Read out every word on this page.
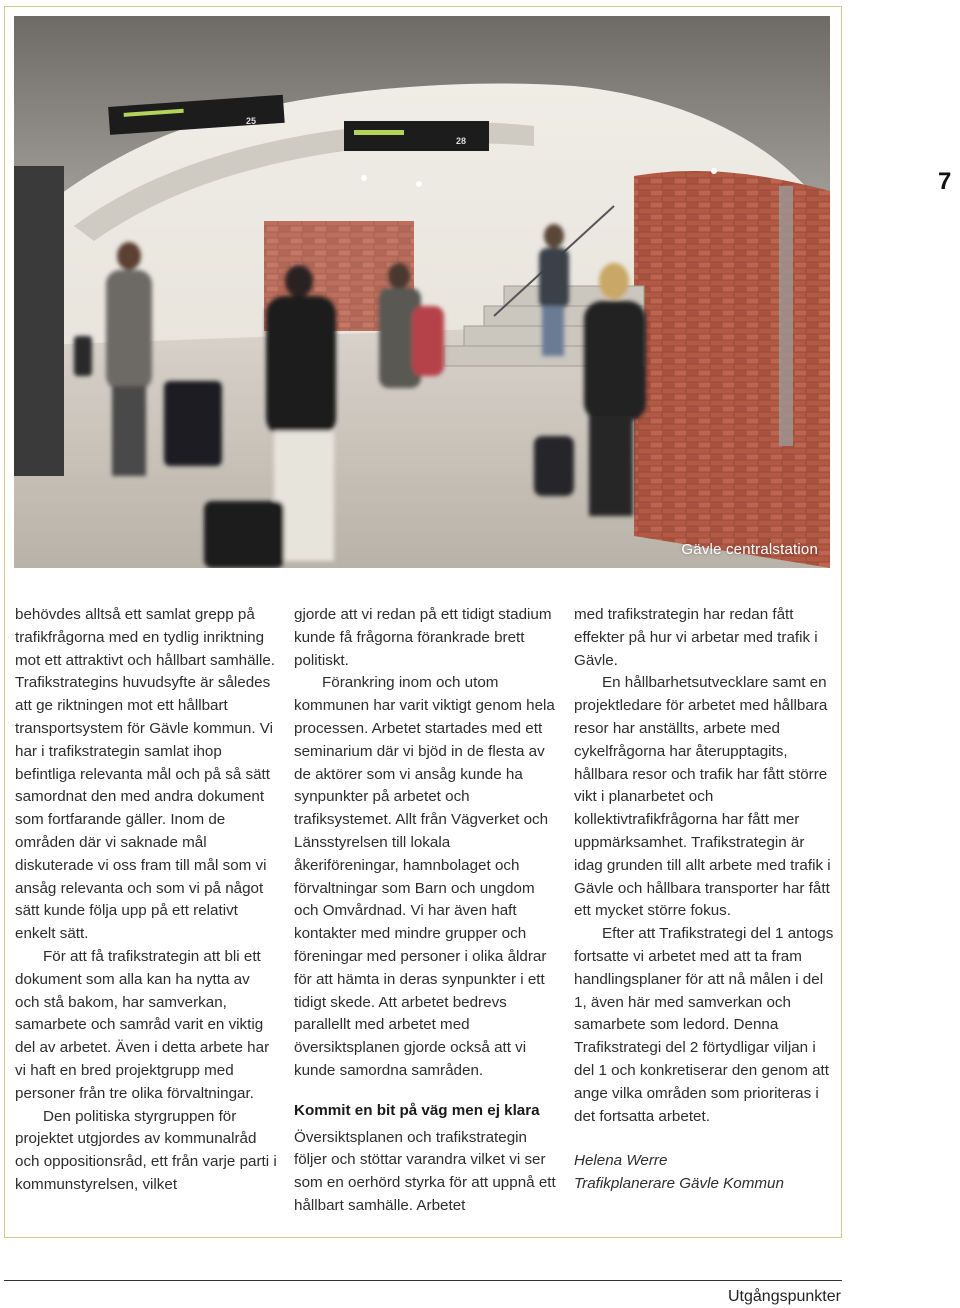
25
28
Gävle centralstation
7

behövdes alltså ett samlat grepp på trafikfrågorna med en tydlig inriktning mot ett attraktivt och hållbart samhälle. Trafikstrategins huvudsyfte är således att ge riktningen mot ett hållbart transportsystem för Gävle kommun. Vi har i trafikstrategin samlat ihop befintliga relevanta mål och på så sätt samordnat den med andra dokument som fortfarande gäller. Inom de områden där vi saknade mål diskuterade vi oss fram till mål som vi ansåg relevanta och som vi på något sätt kunde följa upp på ett relativt enkelt sätt.

För att få trafikstrategin att bli ett dokument som alla kan ha nytta av och stå bakom, har samverkan, samarbete och samråd varit en viktig del av arbetet. Även i detta arbete har vi haft en bred projektgrupp med personer från tre olika förvaltningar.

Den politiska styrgruppen för projektet utgjordes av kommunalråd och oppositionsråd, ett från varje parti i kommunstyrelsen, vilket

gjorde att vi redan på ett tidigt stadium kunde få frågorna förankrade brett politiskt.

Förankring inom och utom kommunen har varit viktigt genom hela processen. Arbetet startades med ett seminarium där vi bjöd in de flesta av de aktörer som vi ansåg kunde ha synpunkter på arbetet och trafiksystemet. Allt från Vägverket och Länsstyrelsen till lokala åkeriföreningar, hamnbolaget och förvaltningar som Barn och ungdom och Omvårdnad. Vi har även haft kontakter med mindre grupper och föreningar med personer i olika åldrar för att hämta in deras synpunkter i ett tidigt skede. Att arbetet bedrevs parallellt med arbetet med översiktsplanen gjorde också att vi kunde samordna samråden.

Kommit en bit på väg men ej klara

Översiktsplanen och trafikstrategin följer och stöttar varandra vilket vi ser som en oerhörd styrka för att uppnå ett hållbart samhälle. Arbetet

med trafikstrategin har redan fått effekter på hur vi arbetar med trafik i Gävle.

En hållbarhetsutvecklare samt en projektledare för arbetet med hållbara resor har anställts, arbete med cykelfrågorna har återupptagits, hållbara resor och trafik har fått större vikt i planarbetet och kollektivtrafikfrågorna har fått mer uppmärksamhet. Trafikstrategin är idag grunden till allt arbete med trafik i Gävle och hållbara transporter har fått ett mycket större fokus.

Efter att Trafikstrategi del 1 antogs fortsatte vi arbetet med att ta fram handlingsplaner för att nå målen i del 1, även här med samverkan och samarbete som ledord. Denna Trafikstrategi del 2 förtydligar viljan i del 1 och konkretiserar den genom att ange vilka områden som prioriteras i det fortsatta arbetet.

Helena Werre

Trafikplanerare Gävle Kommun

Utgångspunkter
